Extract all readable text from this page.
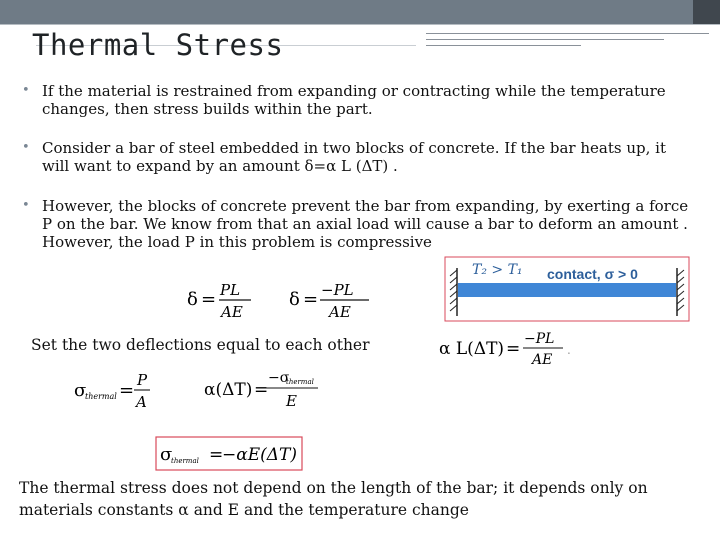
Thermal Stress
• If the material is restrained from expanding or contracting while the temperature changes, then stress builds within the part.
• Consider a bar of steel embedded in two blocks of concrete. If the bar heats up, it will want to expand by an amount δ=α L (ΔT) .
• However, the blocks of concrete prevent the bar from expanding, by exerting a force P on the bar. We know from that an axial load will cause a bar to deform an amount . However, the load P in this problem is compressive
δ = PL
AE
δ = −PL
AE
T₂ > T₁ contact, σ > 0
Set the two deflections equal to each other	α L(ΔT) = −PL
AE
.
σ
thermal = P
A
α(ΔT) =
−σ
thermal
E
σ
thermal =
−αE(ΔT)
The thermal stress does not depend on the length of the bar; it depends only on materials constants α and E and the temperature change
